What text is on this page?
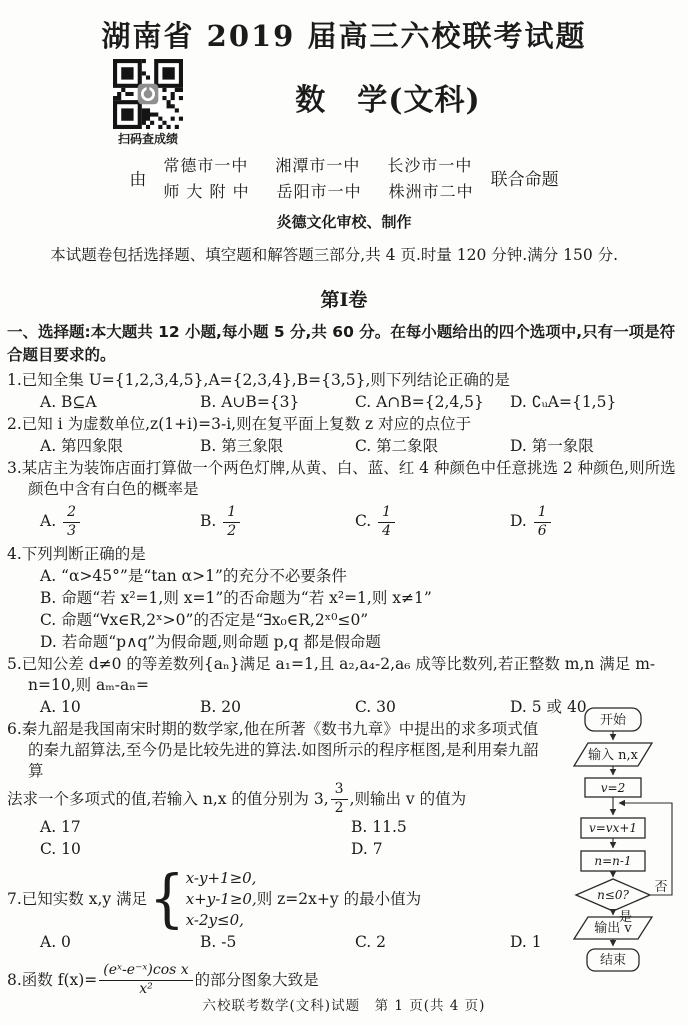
湖南省 2019 届高三六校联考试题
扫码查成绩
数　学(文科)
由
常德市一中 湘潭市一中 长沙市一中
师 大 附 中 岳阳市一中 株洲市二中
联合命题
炎德文化审校、制作
本试题卷包括选择题、填空题和解答题三部分,共 4 页.时量 120 分钟.满分 150 分.
第Ⅰ卷
一、选择题:本大题共 12 小题,每小题 5 分,共 60 分。在每小题给出的四个选项中,只有一项是符合题目要求的。
1.已知全集 U={1,2,3,4,5},A={2,3,4},B={3,5},则下列结论正确的是
A. B⊆A	B. A∪B={3}	C. A∩B={2,4,5}	D. ∁ᵤA={1,5}
2.已知 i 为虚数单位,z(1+i)=3-i,则在复平面上复数 z 对应的点位于
A. 第四象限	B. 第三象限	C. 第二象限	D. 第一象限
3.某店主为装饰店面打算做一个两色灯牌,从黄、白、蓝、红 4 种颜色中任意挑选 2 种颜色,则所选颜色中含有白色的概率是
A. $\frac{2}{3}$	B. $\frac{1}{2}$	C. $\frac{1}{4}$	D. $\frac{1}{6}$
4.下列判断正确的是
A. “α>45°”是“tan α>1”的充分不必要条件
B. 命题“若 x²=1,则 x=1”的否命题为“若 x²=1,则 x≠1”
C. 命题“∀x∈R,2ˣ>0”的否定是“∃x₀∈R,2ˣ⁰≤0”
D. 若命题“p∧q”为假命题,则命题 p,q 都是假命题
5.已知公差 d≠0 的等差数列{aₙ}满足 a₁=1,且 a₂,a₄-2,a₆ 成等比数列,若正整数 m,n 满足 m-n=10,则 aₘ-aₙ=
A. 10	B. 20	C. 30	D. 5 或 40
6.秦九韶是我国南宋时期的数学家,他在所著《数书九章》中提出的求多项式值的秦九韶算法,至今仍是比较先进的算法.如图所示的程序框图,是利用秦九韶算
法求一个多项式的值,若输入 n,x 的值分别为 3, $\frac{3}{2}$ ,则输出 v 的值为
A. 17	B. 11.5
C. 10	D. 7
7. 已知实数 x,y 满足 { x-y+1≥0,
x+y-1≥0,
x-2y≤0,
则 z=2x+y 的最小值为
A. 0	B. -5	C. 2	D. 1
8. 函数 $f(x)= \frac{\text{(eˣ-e⁻ˣ)cos x}}{\text{x²}}$ 的部分图象大致是
开始
输入 n,x
v=2
v=vx+1
n=n-1
n≤0? 否
是
输出 v
结束
六校联考数学(文科)试题　第 1 页(共 4 页)
